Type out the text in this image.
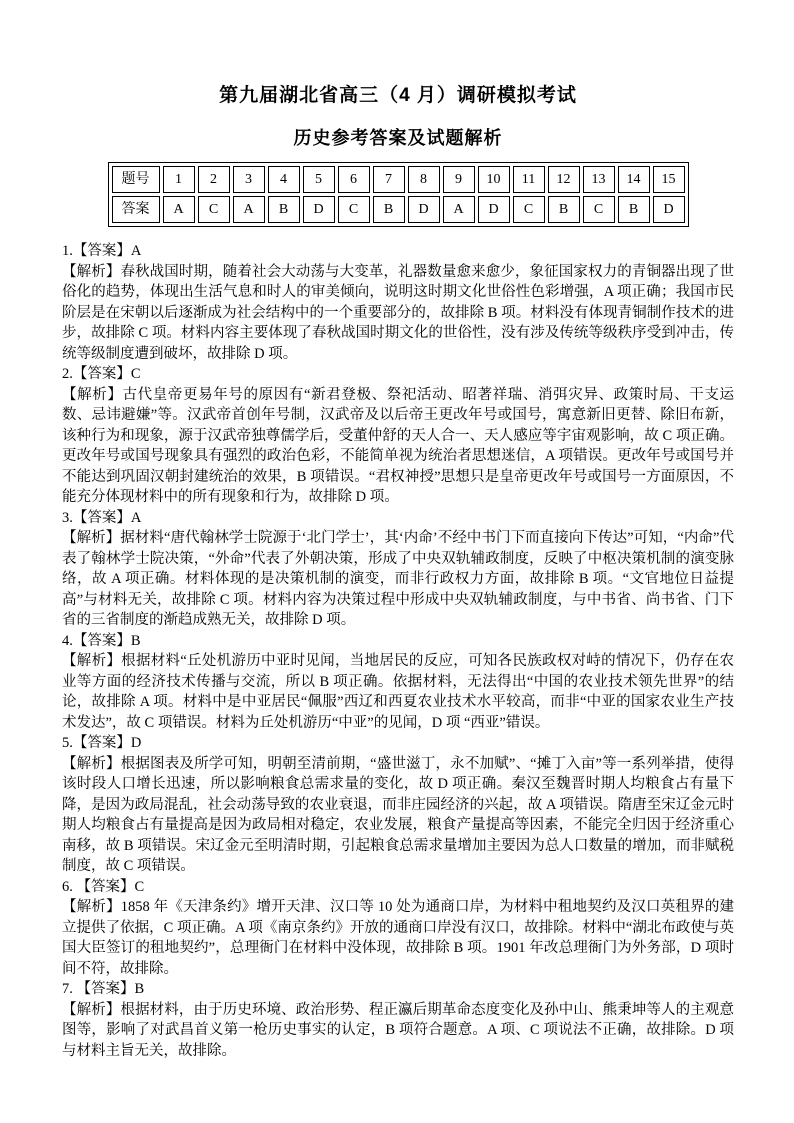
第九届湖北省高三（4 月）调研模拟考试
历史参考答案及试题解析
题号	1	2	3	4	5	6	7	8	9	10	11	12	13	14	15
答案	A	C	A	B	D	C	B	D	A	D	C	B	C	B	D

1.【答案】A

【解析】春秋战国时期，随着社会大动荡与大变革，礼器数量愈来愈少，象征国家权力的青铜器出现了世俗化的趋势，体现出生活气息和时人的审美倾向，说明这时期文化世俗性色彩增强，A 项正确；我国市民阶层是在宋朝以后逐渐成为社会结构中的一个重要部分的，故排除 B 项。材料没有体现青铜制作技术的进步，故排除 C 项。材料内容主要体现了春秋战国时期文化的世俗性，没有涉及传统等级秩序受到冲击，传统等级制度遭到破坏，故排除 D 项。

2.【答案】C

【解析】古代皇帝更易年号的原因有“新君登极、祭祀活动、昭著祥瑞、消弭灾异、政策时局、干支运数、忌讳避嫌”等。汉武帝首创年号制，汉武帝及以后帝王更改年号或国号，寓意新旧更替、除旧布新，该种行为和现象，源于汉武帝独尊儒学后，受董仲舒的天人合一、天人感应等宇宙观影响，故 C 项正确。更改年号或国号现象具有强烈的政治色彩，不能简单视为统治者思想迷信，A 项错误。更改年号或国号并不能达到巩固汉朝封建统治的效果，B 项错误。“君权神授”思想只是皇帝更改年号或国号一方面原因，不能充分体现材料中的所有现象和行为，故排除 D 项。

3.【答案】A

【解析】据材料“唐代翰林学士院源于‘北门学士’，其‘内命’不经中书门下而直接向下传达”可知，“内命”代表了翰林学士院决策，“外命”代表了外朝决策，形成了中央双轨辅政制度，反映了中枢决策机制的演变脉络，故 A 项正确。材料体现的是决策机制的演变，而非行政权力方面，故排除 B 项。“文官地位日益提高”与材料无关，故排除 C 项。材料内容为决策过程中形成中央双轨辅政制度，与中书省、尚书省、门下省的三省制度的渐趋成熟无关，故排除 D 项。

4.【答案】B

【解析】根据材料“丘处机游历中亚时见闻，当地居民的反应，可知各民族政权对峙的情况下，仍存在农业等方面的经济技术传播与交流，所以 B 项正确。依据材料，无法得出“中国的农业技术领先世界”的结论，故排除 A 项。材料中是中亚居民“佩服”西辽和西夏农业技术水平较高，而非“中亚的国家农业生产技术发达”，故 C 项错误。材料为丘处机游历“中亚”的见闻，D 项 “西亚”错误。

5.【答案】D

【解析】根据图表及所学可知，明朝至清前期，“盛世滋丁，永不加赋”、“摊丁入亩”等一系列举措，使得该时段人口增长迅速，所以影响粮食总需求量的变化，故 D 项正确。秦汉至魏晋时期人均粮食占有量下降，是因为政局混乱，社会动荡导致的农业衰退，而非庄园经济的兴起，故 A 项错误。隋唐至宋辽金元时期人均粮食占有量提高是因为政局相对稳定，农业发展，粮食产量提高等因素，不能完全归因于经济重心南移，故 B 项错误。宋辽金元至明清时期，引起粮食总需求量增加主要因为总人口数量的增加，而非赋税制度，故 C 项错误。

6. 【答案】C

【解析】1858 年《天津条约》增开天津、汉口等 10 处为通商口岸，为材料中租地契约及汉口英租界的建立提供了依据，C 项正确。A 项《南京条约》开放的通商口岸没有汉口，故排除。材料中“湖北布政使与英国大臣签订的租地契约”，总理衙门在材料中没体现，故排除 B 项。1901 年改总理衙门为外务部，D 项时间不符，故排除。

7. 【答案】B

【解析】根据材料，由于历史环境、政治形势、程正瀛后期革命态度变化及孙中山、熊秉坤等人的主观意图等，影响了对武昌首义第一枪历史事实的认定，B 项符合题意。A 项、C 项说法不正确，故排除。D 项与材料主旨无关，故排除。
